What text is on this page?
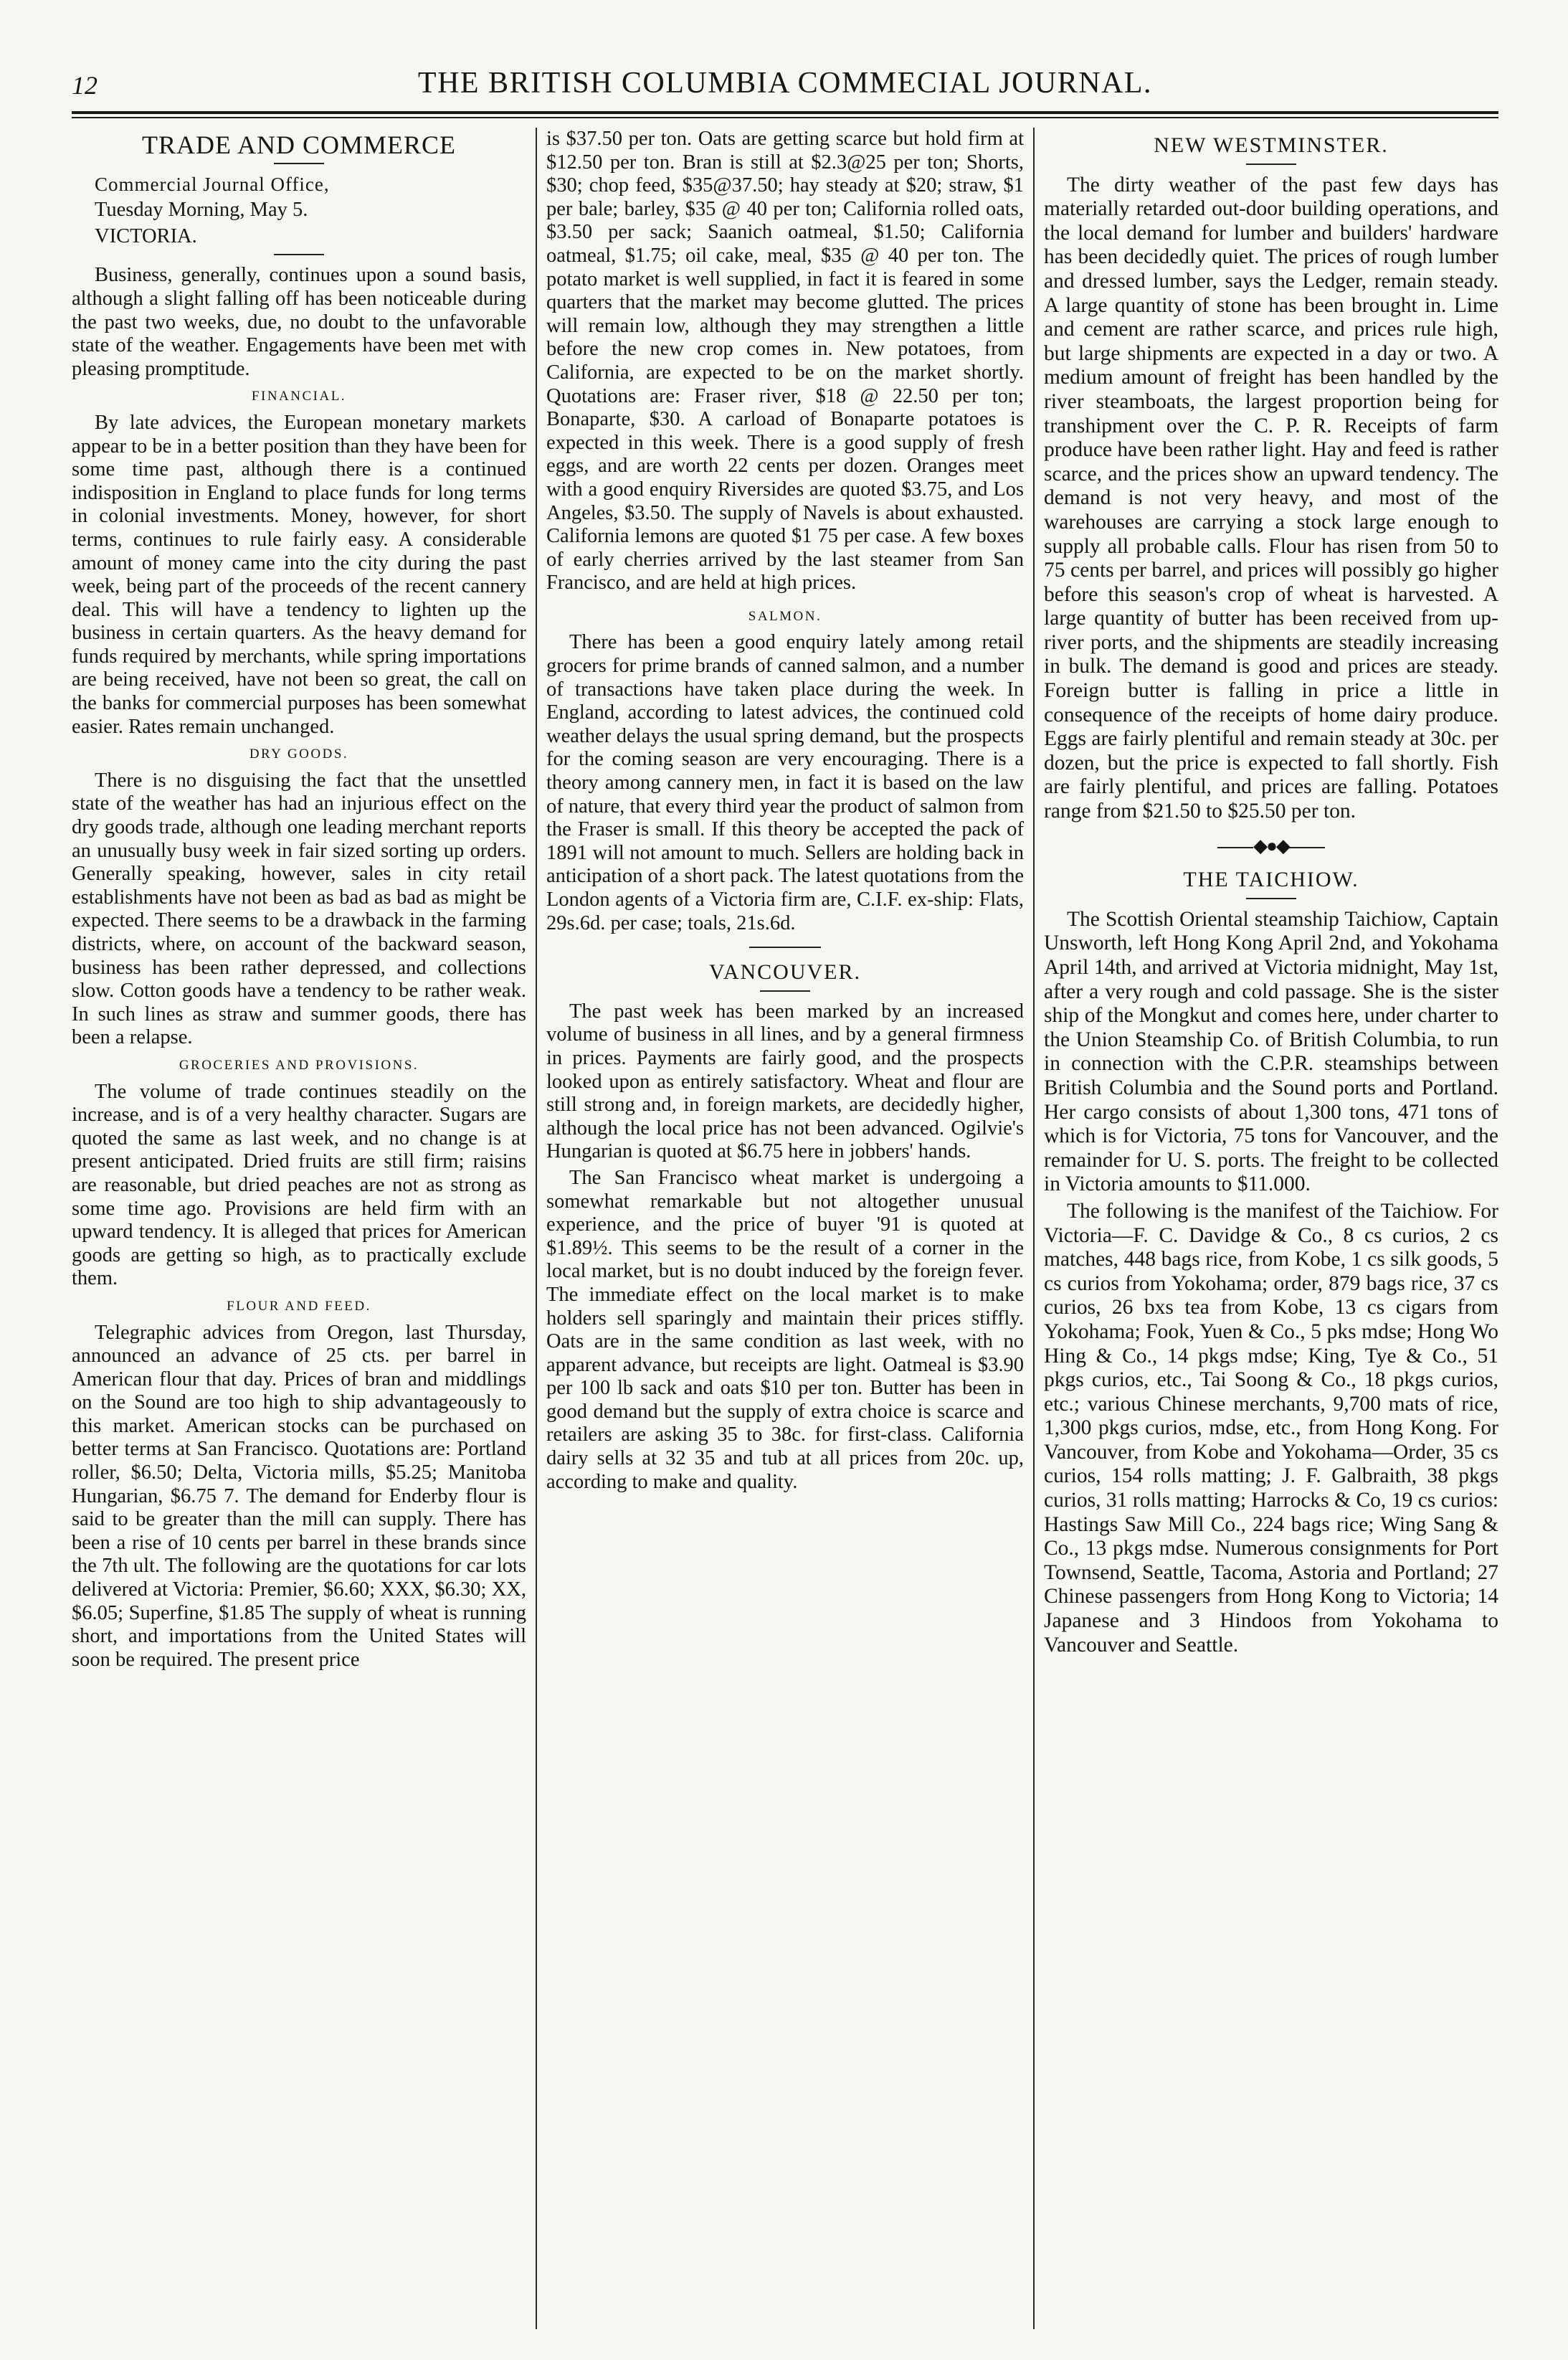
12	THE BRITISH COLUMBIA COMMECIAL JOURNAL.
TRADE AND COMMERCE

Commercial Journal Office,

Tuesday Morning, May 5.

VICTORIA.

Business, generally, continues upon a sound basis, although a slight falling off has been noticeable during the past two weeks, due, no doubt to the unfavorable state of the weather. Engagements have been met with pleasing promptitude.

FINANCIAL.

By late advices, the European monetary markets appear to be in a better position than they have been for some time past, although there is a continued indisposition in England to place funds for long terms in colonial investments. Money, however, for short terms, continues to rule fairly easy. A considerable amount of money came into the city during the past week, being part of the proceeds of the recent cannery deal. This will have a tendency to lighten up the business in certain quarters. As the heavy demand for funds required by merchants, while spring importations are being received, have not been so great, the call on the banks for commercial purposes has been somewhat easier. Rates remain unchanged.

DRY GOODS.

There is no disguising the fact that the unsettled state of the weather has had an injurious effect on the dry goods trade, although one leading merchant reports an unusually busy week in fair sized sorting up orders. Generally speaking, however, sales in city retail establishments have not been as bad as bad as might be expected. There seems to be a drawback in the farming districts, where, on account of the backward season, business has been rather depressed, and collections slow. Cotton goods have a tendency to be rather weak. In such lines as straw and summer goods, there has been a relapse.

GROCERIES AND PROVISIONS.

The volume of trade continues steadily on the increase, and is of a very healthy character. Sugars are quoted the same as last week, and no change is at present anticipated. Dried fruits are still firm; raisins are reasonable, but dried peaches are not as strong as some time ago. Provisions are held firm with an upward tendency. It is alleged that prices for American goods are getting so high, as to practically exclude them.

FLOUR AND FEED.

Telegraphic advices from Oregon, last Thursday, announced an advance of 25 cts. per barrel in American flour that day. Prices of bran and middlings on the Sound are too high to ship advantageously to this market. American stocks can be purchased on better terms at San Francisco. Quotations are: Portland roller, $6.50; Delta, Victoria mills, $5.25; Manitoba Hungarian, $6.75 7. The demand for Enderby flour is said to be greater than the mill can supply. There has been a rise of 10 cents per barrel in these brands since the 7th ult. The following are the quotations for car lots delivered at Victoria: Premier, $6.60; XXX, $6.30; XX, $6.05; Superfine, $1.85 The supply of wheat is running short, and importations from the United States will soon be required. The present price

is $37.50 per ton. Oats are getting scarce but hold firm at $12.50 per ton. Bran is still at $2.3@25 per ton; Shorts, $30; chop feed, $35@37.50; hay steady at $20; straw, $1 per bale; barley, $35 @ 40 per ton; California rolled oats, $3.50 per sack; Saanich oatmeal, $1.50; California oatmeal, $1.75; oil cake, meal, $35 @ 40 per ton. The potato market is well supplied, in fact it is feared in some quarters that the market may become glutted. The prices will remain low, although they may strengthen a little before the new crop comes in. New potatoes, from California, are expected to be on the market shortly. Quotations are: Fraser river, $18 @ 22.50 per ton; Bonaparte, $30. A carload of Bonaparte potatoes is expected in this week. There is a good supply of fresh eggs, and are worth 22 cents per dozen. Oranges meet with a good enquiry Riversides are quoted $3.75, and Los Angeles, $3.50. The supply of Navels is about exhausted. California lemons are quoted $1 75 per case. A few boxes of early cherries arrived by the last steamer from San Francisco, and are held at high prices.

SALMON.

There has been a good enquiry lately among retail grocers for prime brands of canned salmon, and a number of transactions have taken place during the week. In England, according to latest advices, the continued cold weather delays the usual spring demand, but the prospects for the coming season are very encouraging. There is a theory among cannery men, in fact it is based on the law of nature, that every third year the product of salmon from the Fraser is small. If this theory be accepted the pack of 1891 will not amount to much. Sellers are holding back in anticipation of a short pack. The latest quotations from the London agents of a Victoria firm are, C.I.F. ex-ship: Flats, 29s.6d. per case; toals, 21s.6d.

VANCOUVER.

The past week has been marked by an increased volume of business in all lines, and by a general firmness in prices. Payments are fairly good, and the prospects looked upon as entirely satisfactory. Wheat and flour are still strong and, in foreign markets, are decidedly higher, although the local price has not been advanced. Ogilvie's Hungarian is quoted at $6.75 here in jobbers' hands.

The San Francisco wheat market is undergoing a somewhat remarkable but not altogether unusual experience, and the price of buyer '91 is quoted at $1.89½. This seems to be the result of a corner in the local market, but is no doubt induced by the foreign fever. The immediate effect on the local market is to make holders sell sparingly and maintain their prices stiffly. Oats are in the same condition as last week, with no apparent advance, but receipts are light. Oatmeal is $3.90 per 100 lb sack and oats $10 per ton. Butter has been in good demand but the supply of extra choice is scarce and retailers are asking 35 to 38c. for first-class. California dairy sells at 32 35 and tub at all prices from 20c. up, according to make and quality.

NEW WESTMINSTER.

The dirty weather of the past few days has materially retarded out-door building operations, and the local demand for lumber and builders' hardware has been decidedly quiet. The prices of rough lumber and dressed lumber, says the Ledger, remain steady. A large quantity of stone has been brought in. Lime and cement are rather scarce, and prices rule high, but large shipments are expected in a day or two. A medium amount of freight has been handled by the river steamboats, the largest proportion being for transhipment over the C. P. R. Receipts of farm produce have been rather light. Hay and feed is rather scarce, and the prices show an upward tendency. The demand is not very heavy, and most of the warehouses are carrying a stock large enough to supply all probable calls. Flour has risen from 50 to 75 cents per barrel, and prices will possibly go higher before this season's crop of wheat is harvested. A large quantity of butter has been received from up-river ports, and the shipments are steadily increasing in bulk. The demand is good and prices are steady. Foreign butter is falling in price a little in consequence of the receipts of home dairy produce. Eggs are fairly plentiful and remain steady at 30c. per dozen, but the price is expected to fall shortly. Fish are fairly plentiful, and prices are falling. Potatoes range from $21.50 to $25.50 per ton.

◆●◆
THE TAICHIOW.

The Scottish Oriental steamship Taichiow, Captain Unsworth, left Hong Kong April 2nd, and Yokohama April 14th, and arrived at Victoria midnight, May 1st, after a very rough and cold passage. She is the sister ship of the Mongkut and comes here, under charter to the Union Steamship Co. of British Columbia, to run in connection with the C.P.R. steamships between British Columbia and the Sound ports and Portland. Her cargo consists of about 1,300 tons, 471 tons of which is for Victoria, 75 tons for Vancouver, and the remainder for U. S. ports. The freight to be collected in Victoria amounts to $11.000.

The following is the manifest of the Taichiow. For Victoria—F. C. Davidge & Co., 8 cs curios, 2 cs matches, 448 bags rice, from Kobe, 1 cs silk goods, 5 cs curios from Yokohama; order, 879 bags rice, 37 cs curios, 26 bxs tea from Kobe, 13 cs cigars from Yokohama; Fook, Yuen & Co., 5 pks mdse; Hong Wo Hing & Co., 14 pkgs mdse; King, Tye & Co., 51 pkgs curios, etc., Tai Soong & Co., 18 pkgs curios, etc.; various Chinese merchants, 9,700 mats of rice, 1,300 pkgs curios, mdse, etc., from Hong Kong. For Vancouver, from Kobe and Yokohama—Order, 35 cs curios, 154 rolls matting; J. F. Galbraith, 38 pkgs curios, 31 rolls matting; Harrocks & Co, 19 cs curios: Hastings Saw Mill Co., 224 bags rice; Wing Sang & Co., 13 pkgs mdse. Numerous consignments for Port Townsend, Seattle, Tacoma, Astoria and Portland; 27 Chinese passengers from Hong Kong to Victoria; 14 Japanese and 3 Hindoos from Yokohama to Vancouver and Seattle.
